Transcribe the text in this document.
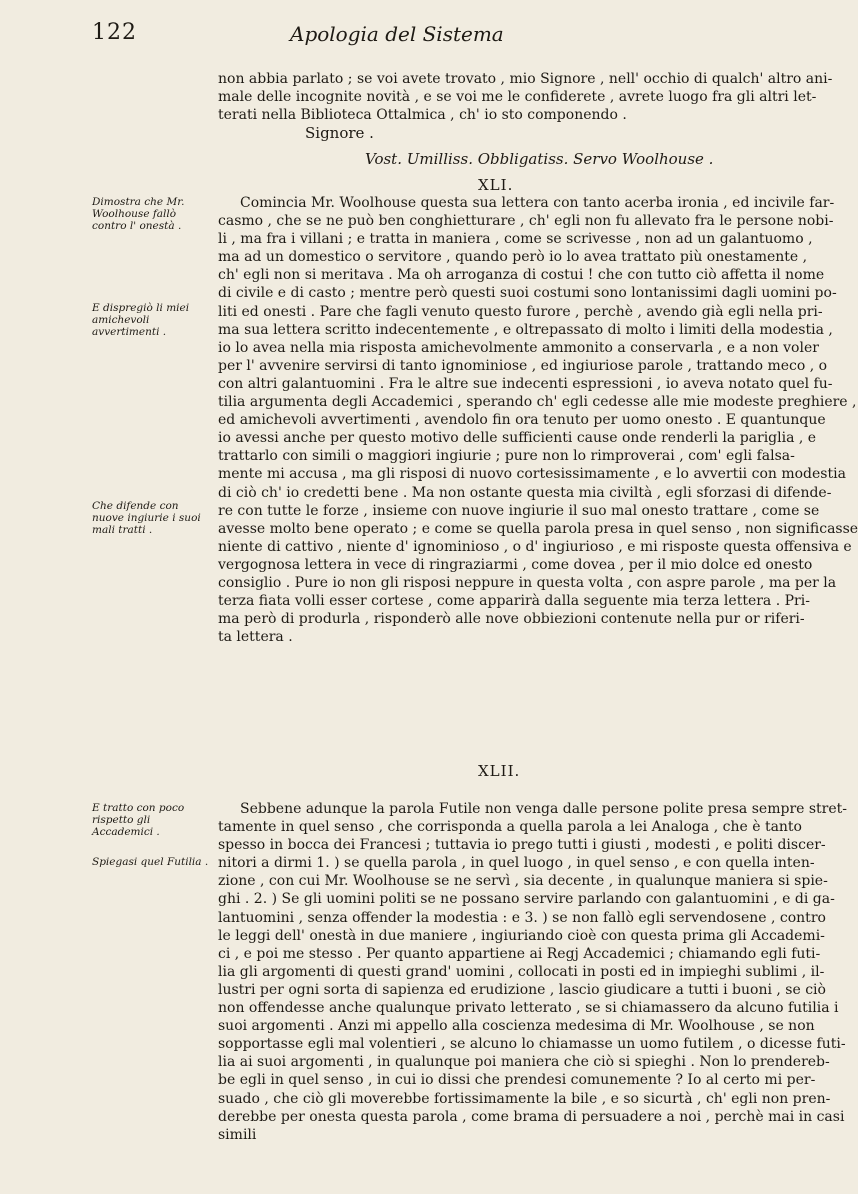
122	Apologia del Sistema
non abbia parlato ; se voi avete trovato , mio Signore , nell' occhio di qualch' altro ani-
male delle incognite novità , e se voi me le confiderete , avrete luogo fra gli altri let-
terati nella Biblioteca Ottalmica , ch' io sto componendo .
Signore .
Vost. Umilliss. Obbligatiss. Servo Woolhouse .
XLI.
Comincia Mr. Woolhouse questa sua lettera con tanto acerba ironia , ed incivile far-
casmo , che se ne può ben conghietturare , ch' egli non fu allevato fra le persone nobi-
li , ma fra i villani ; e tratta in maniera , come se scrivesse , non ad un galantuomo ,
ma ad un domestico o servitore , quando però io lo avea trattato più onestamente ,
ch' egli non si meritava . Ma oh arroganza di costui ! che con tutto ciò affetta il nome
di civile e di casto ; mentre però questi suoi costumi sono lontanissimi dagli uomini po-
liti ed onesti . Pare che fagli venuto questo furore , perchè , avendo già egli nella pri-
ma sua lettera scritto indecentemente , e oltrepassato di molto i limiti della modestia ,
io lo avea nella mia risposta amichevolmente ammonito a conservarla , e a non voler
per l' avvenire servirsi di tanto ignominiose , ed ingiuriose parole , trattando meco , o
con altri galantuomini . Fra le altre sue indecenti espressioni , io aveva notato quel fu-
tilia argumenta degli Accademici , sperando ch' egli cedesse alle mie modeste preghiere ,
ed amichevoli avvertimenti , avendolo fin ora tenuto per uomo onesto . E quantunque
io avessi anche per questo motivo delle sufficienti cause onde renderli la pariglia , e
trattarlo con simili o maggiori ingiurie ; pure non lo rimproverai , com' egli falsa-
mente mi accusa , ma gli risposi di nuovo cortesissimamente , e lo avvertii con modestia
di ciò ch' io credetti bene . Ma non ostante questa mia civiltà , egli sforzasi di difende-
re con tutte le forze , insieme con nuove ingiurie il suo mal onesto trattare , come se
avesse molto bene operato ; e come se quella parola presa in quel senso , non significasse
niente di cattivo , niente d' ignominioso , o d' ingiurioso , e mi risposte questa offensiva e
vergognosa lettera in vece di ringraziarmi , come dovea , per il mio dolce ed onesto
consiglio . Pure io non gli risposi neppure in questa volta , con aspre parole , ma per la
terza fiata volli esser cortese , come apparirà dalla seguente mia terza lettera . Pri-
ma però di produrla , risponderò alle nove obbiezioni contenute nella pur or riferi-
ta lettera .
XLII.
Sebbene adunque la parola Futile non venga dalle persone polite presa sempre stret-
tamente in quel senso , che corrisponda a quella parola a lei Analoga , che è tanto
spesso in bocca dei Francesi ; tuttavia io prego tutti i giusti , modesti , e politi discer-
nitori a dirmi 1. ) se quella parola , in quel luogo , in quel senso , e con quella inten-
zione , con cui Mr. Woolhouse se ne servì , sia decente , in qualunque maniera si spie-
ghi . 2. ) Se gli uomini politi se ne possano servire parlando con galantuomini , e di ga-
lantuomini , senza offender la modestia : e 3. ) se non fallò egli servendosene , contro
le leggi dell' onestà in due maniere , ingiuriando cioè con questa prima gli Accademi-
ci , e poi me stesso . Per quanto appartiene ai Regj Accademici ; chiamando egli futi-
lia gli argomenti di questi grand' uomini , collocati in posti ed in impieghi sublimi , il-
lustri per ogni sorta di sapienza ed erudizione , lascio giudicare a tutti i buoni , se ciò
non offendesse anche qualunque privato letterato , se si chiamassero da alcuno futilia i
suoi argomenti . Anzi mi appello alla coscienza medesima di Mr. Woolhouse , se non
sopportasse egli mal volentieri , se alcuno lo chiamasse un uomo futilem , o dicesse futi-
lia ai suoi argomenti , in qualunque poi maniera che ciò si spieghi . Non lo prendereb-
be egli in quel senso , in cui io dissi che prendesi comunemente ? Io al certo mi per-
suado , che ciò gli moverebbe fortissimamente la bile , e so sicurtà , ch' egli non pren-
derebbe per onesta questa parola , come brama di persuadere a noi , perchè mai in casi
simili
Dimostra che Mr. Woolhouse fallò contro l' onestà .
E dispregiò li miei amichevoli avvertimenti .
Che difende con nuove ingiurie i suoi mali tratti .
E tratto con poco rispetto gli Accademici .
Spiegasi quel Futilia .
